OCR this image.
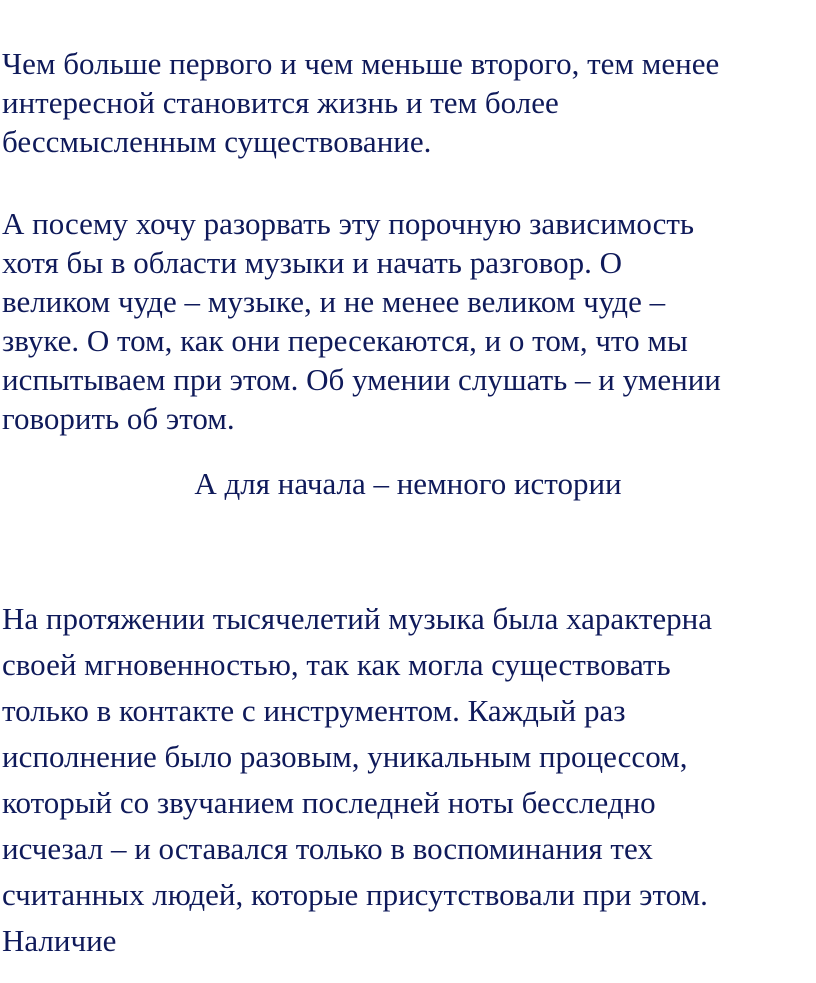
Чем больше первого и чем меньше второго, тем менее
интересной становится жизнь и тем более
бессмысленным существование.

А посему хочу разорвать эту порочную зависимость
хотя бы в области музыки и начать разговор. О
великом чуде – музыке, и не менее великом чуде –
звуке. О том, как они пересекаются, и о том, что мы
испытываем при этом. Об умении слушать – и умении
говорить об этом.

А для начала – немного истории

На протяжении тысячелетий музыка была характерна
своей мгновенностью, так как могла существовать
только в контакте с инструментом. Каждый раз
исполнение было разовым, уникальным процессом,
который со звучанием последней ноты бесследно
исчезал – и оставался только в воспоминания тех
считанных людей, которые присутствовали при этом.
Наличие
